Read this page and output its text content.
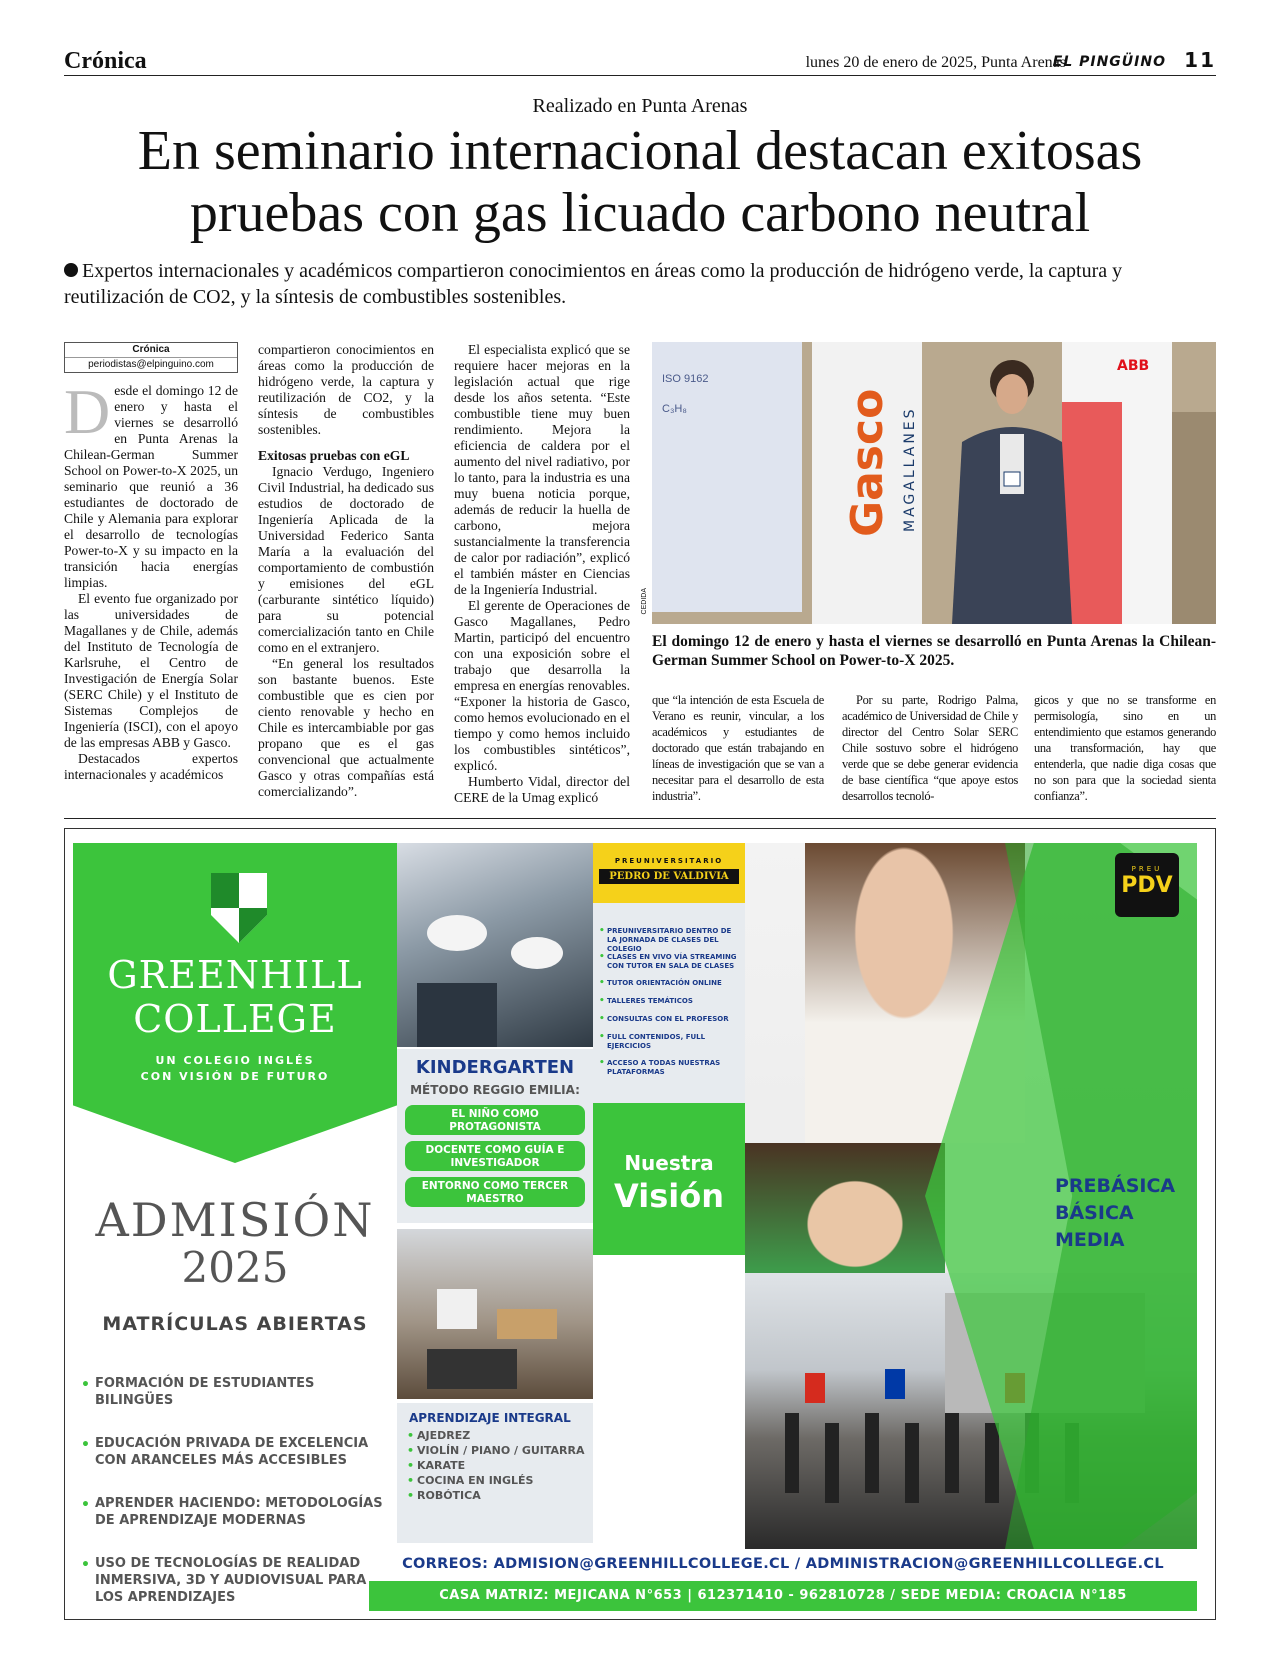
Crónica	lunes 20 de enero de 2025, Punta Arenas
EL PINGÜINO 11
Realizado en Punta Arenas
En seminario internacional destacan exitosas
pruebas con gas licuado carbono neutral
Expertos internacionales y académicos compartieron conocimientos en áreas como la producción de hidrógeno verde, la captura y reutilización de CO2, y la síntesis de combustibles sostenibles.
Crónica
periodistas@elpinguino.com

Desde el domingo 12 de enero y hasta el viernes se desarrolló en Punta Arenas la Chilean-German Summer School on Power-to-X 2025, un seminario que reunió a 36 estudiantes de doctorado de Chile y Alemania para explorar el desarrollo de tecnologías Power-to-X y su impacto en la transición hacia energías limpias.

El evento fue organizado por las universidades de Magallanes y de Chile, además del Instituto de Tecnología de Karlsruhe, el Centro de Investigación de Energía Solar (SERC Chile) y el Instituto de Sistemas Complejos de Ingeniería (ISCI), con el apoyo de las empresas ABB y Gasco.

Destacados expertos internacionales y académicos

compartieron conocimientos en áreas como la producción de hidrógeno verde, la captura y reutilización de CO2, y la síntesis de combustibles sostenibles.

Exitosas pruebas con eGL

Ignacio Verdugo, Ingeniero Civil Industrial, ha dedicado sus estudios de doctorado de Ingeniería Aplicada de la Universidad Federico Santa María a la evaluación del comportamiento de combustión y emisiones del eGL (carburante sintético líquido) para su potencial comercialización tanto en Chile como en el extranjero.

“En general los resultados son bastante buenos. Este combustible que es cien por ciento renovable y hecho en Chile es intercambiable por gas propano que es el gas convencional que actualmente Gasco y otras compañías está comercializando”.

El especialista explicó que se requiere hacer mejoras en la legislación actual que rige desde los años setenta. “Este combustible tiene muy buen rendimiento. Mejora la eficiencia de caldera por el aumento del nivel radiativo, por lo tanto, para la industria es una muy buena noticia porque, además de reducir la huella de carbono, mejora sustancialmente la transferencia de calor por radiación”, explicó el también máster en Ciencias de la Ingeniería Industrial.

El gerente de Operaciones de Gasco Magallanes, Pedro Martin, participó del encuentro con una exposición sobre el trabajo que desarrolla la empresa en energías renovables. “Exponer la historia de Gasco, como hemos evolucionado en el tiempo y como hemos incluido los combustibles sintéticos”, explicó.

Humberto Vidal, director del CERE de la Umag explicó

ISO 9162
C₃H₈	Gasco MAGALLANES
ABB
CEDIDA
El domingo 12 de enero y hasta el viernes se desarrolló en Punta Arenas la Chilean-German Summer School on Power-to-X 2025.

que “la intención de esta Escuela de Verano es reunir, vincular, a los académicos y estudiantes de doctorado que están trabajando en líneas de investigación que se van a necesitar para el desarrollo de esta industria”.

Por su parte, Rodrigo Palma, académico de Universidad de Chile y director del Centro Solar SERC Chile sostuvo sobre el hidrógeno verde que se debe generar evidencia de base científica “que apoye estos desarrollos tecnoló-

gicos y que no se transforme en permisología, sino en un entendimiento que estamos generando una transformación, hay que entenderla, que nadie diga cosas que no son para que la sociedad sienta confianza”.

GREENHILL
COLLEGE
UN COLEGIO INGLÉS
CON VISIÓN DE FUTURO
ADMISIÓN
2025
MATRÍCULAS ABIERTAS
• FORMACIÓN DE ESTUDIANTES BILINGÜES
• EDUCACIÓN PRIVADA DE EXCELENCIA CON ARANCELES MÁS ACCESIBLES
• APRENDER HACIENDO: METODOLOGÍAS DE APRENDIZAJE MODERNAS
• USO DE TECNOLOGÍAS DE REALIDAD INMERSIVA, 3D Y AUDIOVISUAL PARA LOS APRENDIZAJES
KINDERGARTEN
MÉTODO REGGIO EMILIA:
EL NIÑO COMO PROTAGONISTA
DOCENTE COMO GUÍA E INVESTIGADOR
ENTORNO COMO TERCER MAESTRO
APRENDIZAJE INTEGRAL
• AJEDREZ
• VIOLÍN / PIANO / GUITARRA
• KARATE
• COCINA EN INGLÉS
• ROBÓTICA
PREUNIVERSITARIO
PEDRO DE VALDIVIA
• PREUNIVERSITARIO DENTRO DE LA JORNADA DE CLASES DEL COLEGIO
• CLASES EN VIVO VÍA STREAMING CON TUTOR EN SALA DE CLASES
• TUTOR ORIENTACIÓN ONLINE
• TALLERES TEMÁTICOS
• CONSULTAS CON EL PROFESOR
• FULL CONTENIDOS, FULL EJERCICIOS
• ACCESO A TODAS NUESTRAS PLATAFORMAS
Nuestra
Visión
PREU
PDV
PREBÁSICA
BÁSICA
MEDIA
CORREOS: ADMISION@GREENHILLCOLLEGE.CL / ADMINISTRACION@GREENHILLCOLLEGE.CL
CASA MATRIZ: MEJICANA N°653 | 612371410 - 962810728 / SEDE MEDIA: CROACIA N°185
